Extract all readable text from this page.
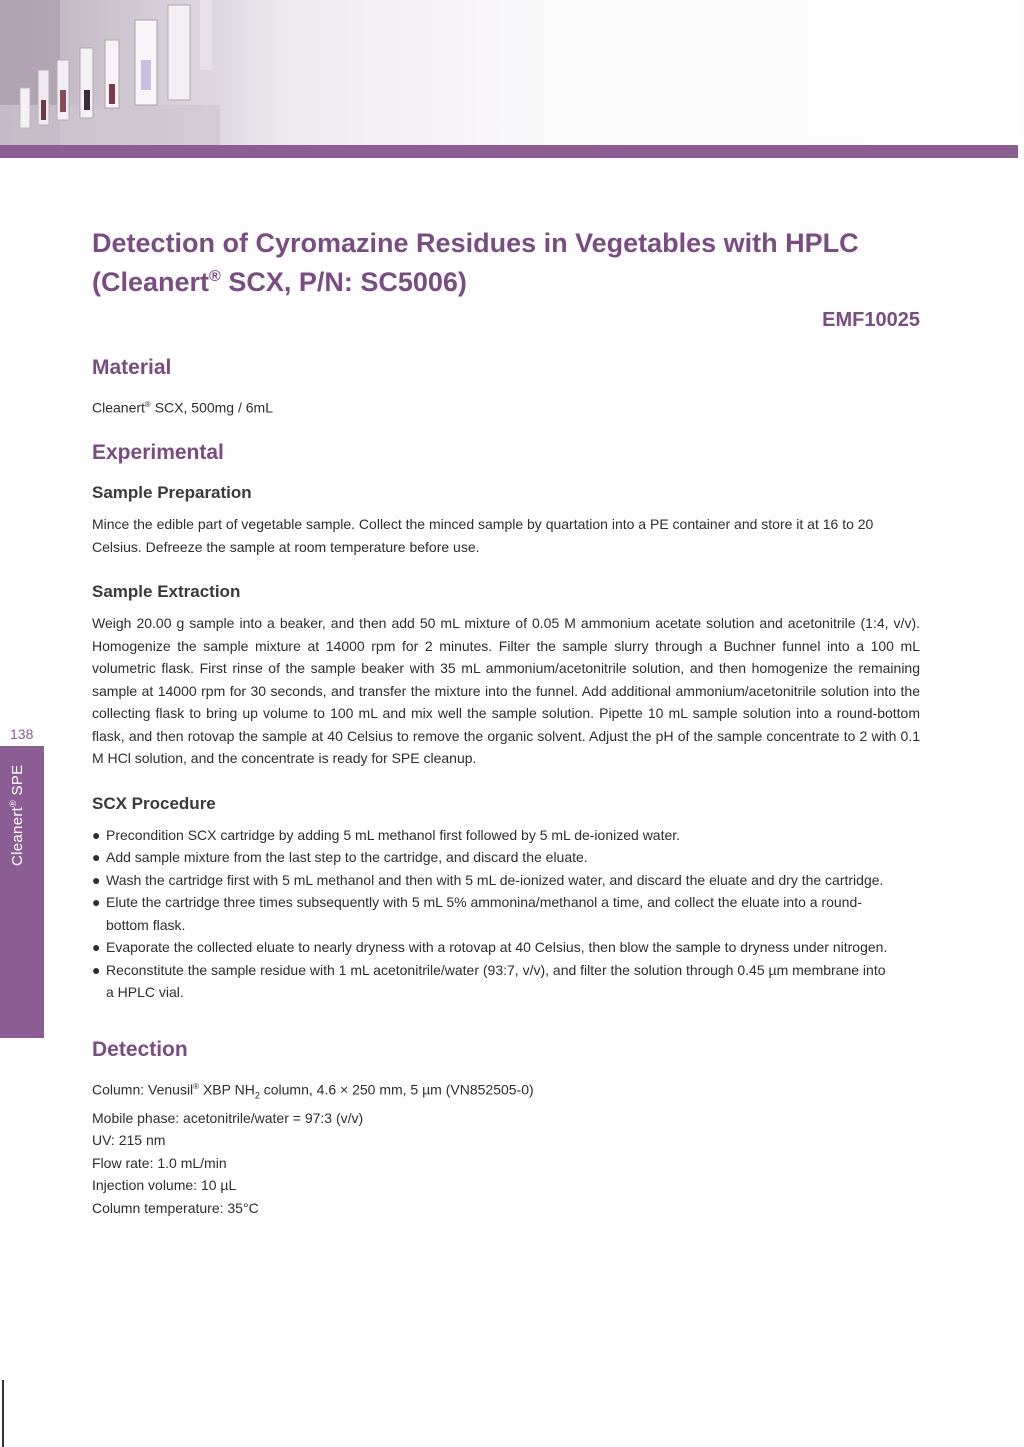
138
Cleanert® SPE
Detection of Cyromazine Residues in Vegetables with HPLC
(Cleanert® SCX, P/N: SC5006)
EMF10025
Material

Cleanert® SCX, 500mg / 6mL

Experimental
Sample Preparation

Mince the edible part of vegetable sample. Collect the minced sample by quartation into a PE container and store it at 16 to 20 Celsius. Defreeze the sample at room temperature before use.

Sample Extraction

Weigh 20.00 g sample into a beaker, and then add 50 mL mixture of 0.05 M ammonium acetate solution and acetonitrile (1:4, v/v). Homogenize the sample mixture at 14000 rpm for 2 minutes. Filter the sample slurry through a Buchner funnel into a 100 mL volumetric flask. First rinse of the sample beaker with 35 mL ammonium/acetonitrile solution, and then homogenize the remaining sample at 14000 rpm for 30 seconds, and transfer the mixture into the funnel. Add additional ammonium/acetonitrile solution into the collecting flask to bring up volume to 100 mL and mix well the sample solution. Pipette 10 mL sample solution into a round-bottom flask, and then rotovap the sample at 40 Celsius to remove the organic solvent. Adjust the pH of the sample concentrate to 2 with 0.1 M HCl solution, and the concentrate is ready for SPE cleanup.

SCX Procedure
● Precondition SCX cartridge by adding 5 mL methanol first followed by 5 mL de-ionized water.
● Add sample mixture from the last step to the cartridge, and discard the eluate.
● Wash the cartridge first with 5 mL methanol and then with 5 mL de-ionized water, and discard the eluate and dry the cartridge.
● Elute the cartridge three times subsequently with 5 mL 5% ammonina/methanol a time, and collect the eluate into a round-bottom flask.
● Evaporate the collected eluate to nearly dryness with a rotovap at 40 Celsius, then blow the sample to dryness under nitrogen.
● Reconstitute the sample residue with 1 mL acetonitrile/water (93:7, v/v), and filter the solution through 0.45 µm membrane into a HPLC vial.
Detection
Column: Venusil® XBP $NH_2$ column, 4.6 × 250 mm, 5 µm (VN852505-0)
Mobile phase: acetonitrile/water = 97:3 (v/v)
UV: 215 nm
Flow rate: 1.0 mL/min
Injection volume: 10 µL
Column temperature: 35°C
